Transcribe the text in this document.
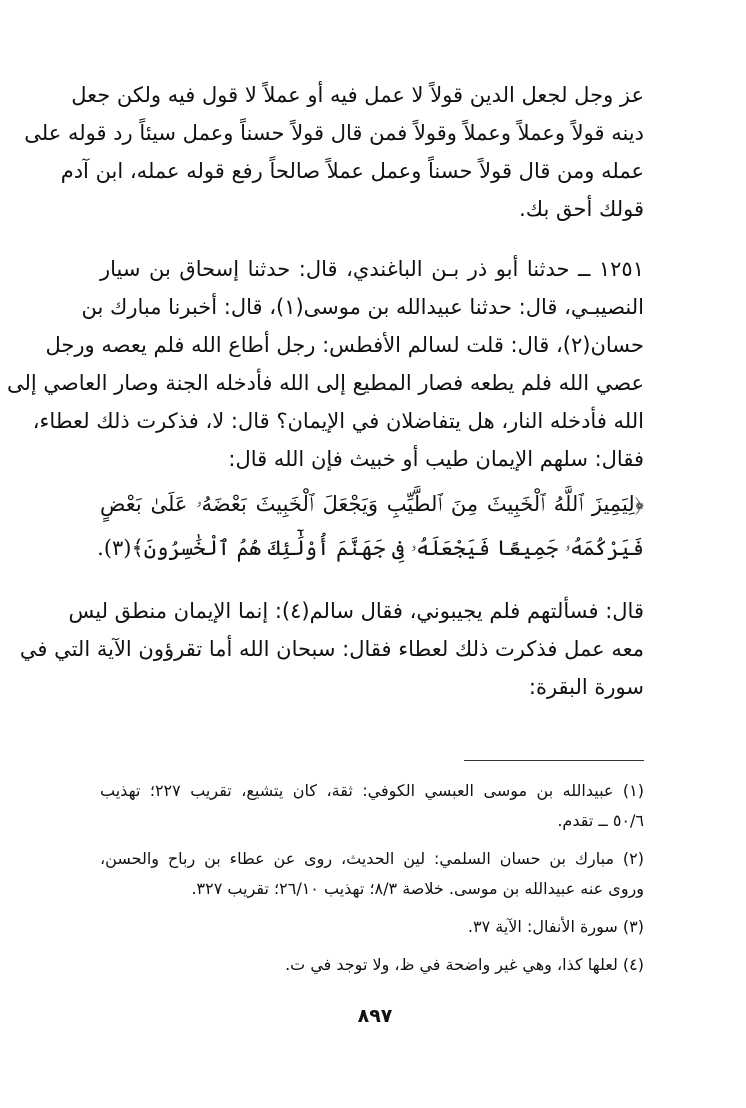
عز وجل لجعل الدين قولاً لا عمل فيه أو عملاً لا قول فيه ولكن جعل
دينه قولاً وعملاً وعملاً وقولاً فمن قال قولاً حسناً وعمل سيئاً رد قوله على
عمله ومن قال قولاً حسناً وعمل عملاً صالحاً رفع قوله عمله، ابن آدم
قولك أحق بك.
١٢٥١ ــ حدثنا أبو ذر بـن الباغندي، قال: حدثنا إسحاق بن سيار
النصيبـي، قال: حدثنا عبيدالله بن موسى(١)، قال: أخبرنا مبارك بن
حسان(٢)، قال: قلت لسالم الأفطس: رجل أطاع الله فلم يعصه ورجل
عصي الله فلم يطعه فصار المطيع إلى الله فأدخله الجنة وصار العاصي إلى
الله فأدخله النار، هل يتفاضلان في الإيمان؟ قال: لا، فذكرت ذلك لعطاء،
فقال: سلهم الإيمان طيب أو خبيث فإن الله قال:
﴿لِيَمِيزَ ٱللَّهُ ٱلْخَبِيثَ مِنَ ٱلطَّيِّبِ وَيَجْعَلَ ٱلْخَبِيثَ بَعْضَهُۥ عَلَىٰ بَعْضٍ
فَيَرْكُمَهُۥ جَمِيعًا فَيَجْعَلَهُۥ فِى جَهَنَّمَ أُوْلَٰٓئِكَ هُمُ ٱلْخَٰسِرُونَ﴾(٣).
قال: فسألتهم فلم يجيبوني، فقال سالم(٤): إنما الإيمان منطق ليس
معه عمل فذكرت ذلك لعطاء فقال: سبحان الله أما تقرؤون الآية التي في
سورة البقرة:
(١) عبيدالله بن موسى العبسي الكوفي: ثقة، كان يتشيع، تقريب ٢٢٧؛ تهذيب
٥٠/٦ ــ تقدم.
(٢) مبارك بن حسان السلمي: لين الحديث، روى عن عطاء بن رباح والحسن،
وروى عنه عبيدالله بن موسى. خلاصة ٨/٣؛ تهذيب ٢٦/١٠؛ تقريب ٣٢٧.
(٣) سورة الأنفال: الآية ٣٧.
(٤) لعلها كذا، وهي غير واضحة في ظ، ولا توجد في ت.
٨٩٧
